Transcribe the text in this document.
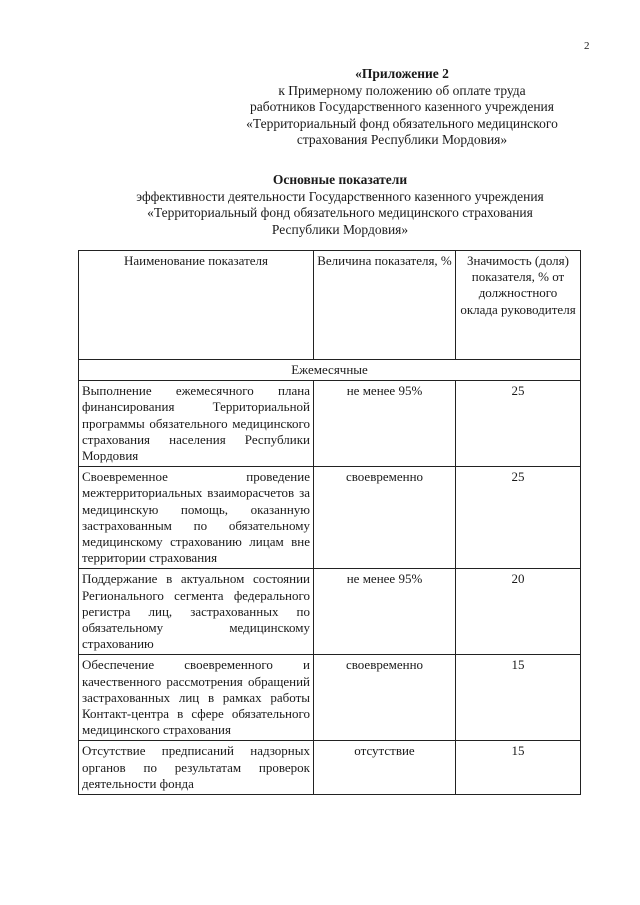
2
«Приложение 2
к Примерному положению об оплате труда
работников Государственного казенного учреждения
«Территориальный фонд обязательного медицинского
страхования Республики Мордовия»
Основные показатели
эффективности деятельности Государственного казенного учреждения
«Территориальный фонд обязательного медицинского страхования
Республики Мордовия»
Наименование показателя	Величина показателя, %	Значимость (доля) показателя, % от должностного оклада руководителя
Ежемесячные		
Выполнение ежемесячного плана финансирования Территориальной программы обязательного медицинского страхования населения Республики Мордовия	не менее 95%	25
Своевременное проведение межтерриториальных взаиморасчетов за медицинскую помощь, оказанную застрахованным по обязательному медицинскому страхованию лицам вне территории страхования	своевременно	25
Поддержание в актуальном состоянии Регионального сегмента федерального регистра лиц, застрахованных по обязательному медицинскому страхованию	не менее 95%	20
Обеспечение своевременного и качественного рассмотрения обращений застрахованных лиц в рамках работы Контакт-центра в сфере обязательного медицинского страхования	своевременно	15
Отсутствие предписаний надзорных органов по результатам проверок деятельности фонда	отсутствие	15
